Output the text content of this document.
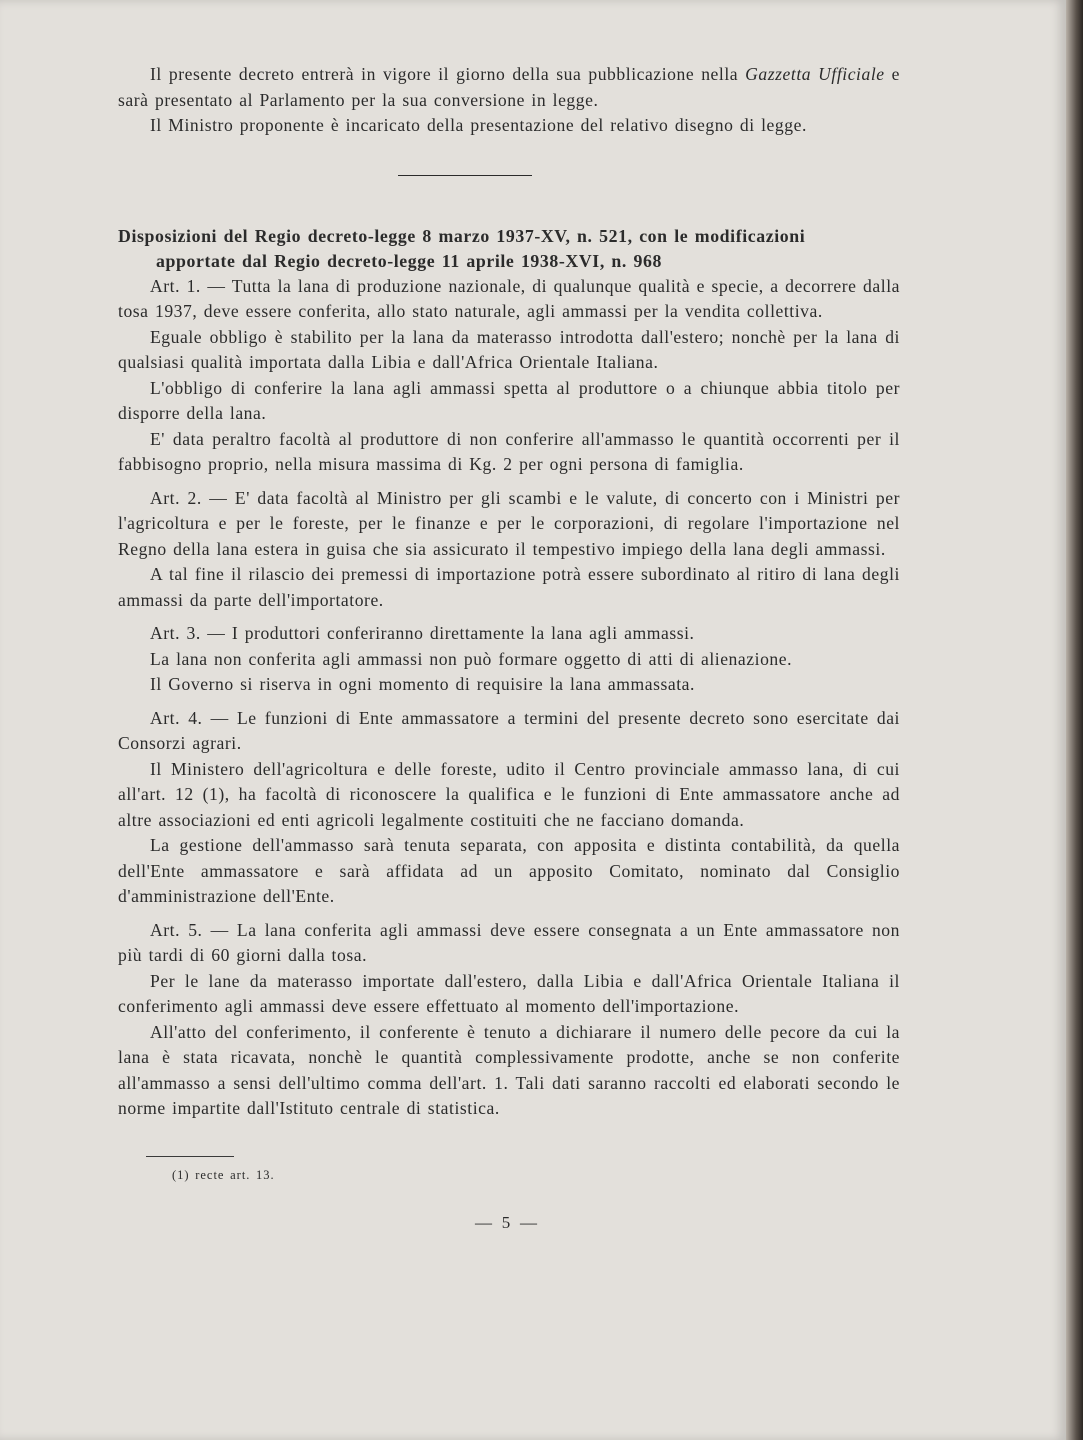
Il presente decreto entrerà in vigore il giorno della sua pubblicazione nella Gazzetta Ufficiale e sarà presentato al Parlamento per la sua conversione in legge.

Il Ministro proponente è incaricato della presentazione del relativo disegno di legge.

Disposizioni del Regio decreto-legge 8 marzo 1937-XV, n. 521, con le modificazioni
apportate dal Regio decreto-legge 11 aprile 1938-XVI, n. 968

Art. 1. — Tutta la lana di produzione nazionale, di qualunque qualità e specie, a decorrere dalla tosa 1937, deve essere conferita, allo stato naturale, agli ammassi per la vendita collettiva.

Eguale obbligo è stabilito per la lana da materasso introdotta dall'estero; nonchè per la lana di qualsiasi qualità importata dalla Libia e dall'Africa Orientale Italiana.

L'obbligo di conferire la lana agli ammassi spetta al produttore o a chiunque abbia titolo per disporre della lana.

E' data peraltro facoltà al produttore di non conferire all'ammasso le quantità occorrenti per il fabbisogno proprio, nella misura massima di Kg. 2 per ogni persona di famiglia.

Art. 2. — E' data facoltà al Ministro per gli scambi e le valute, di concerto con i Ministri per l'agricoltura e per le foreste, per le finanze e per le corporazioni, di regolare l'importazione nel Regno della lana estera in guisa che sia assicurato il tempestivo impiego della lana degli ammassi.

A tal fine il rilascio dei premessi di importazione potrà essere subordinato al ritiro di lana degli ammassi da parte dell'importatore.

Art. 3. — I produttori conferiranno direttamente la lana agli ammassi.

La lana non conferita agli ammassi non può formare oggetto di atti di alienazione.

Il Governo si riserva in ogni momento di requisire la lana ammassata.

Art. 4. — Le funzioni di Ente ammassatore a termini del presente decreto sono esercitate dai Consorzi agrari.

Il Ministero dell'agricoltura e delle foreste, udito il Centro provinciale ammasso lana, di cui all'art. 12 (1), ha facoltà di riconoscere la qualifica e le funzioni di Ente ammassatore anche ad altre associazioni ed enti agricoli legalmente costituiti che ne facciano domanda.

La gestione dell'ammasso sarà tenuta separata, con apposita e distinta contabilità, da quella dell'Ente ammassatore e sarà affidata ad un apposito Comitato, nominato dal Consiglio d'amministrazione dell'Ente.

Art. 5. — La lana conferita agli ammassi deve essere consegnata a un Ente ammassatore non più tardi di 60 giorni dalla tosa.

Per le lane da materasso importate dall'estero, dalla Libia e dall'Africa Orientale Italiana il conferimento agli ammassi deve essere effettuato al momento dell'importazione.

All'atto del conferimento, il conferente è tenuto a dichiarare il numero delle pecore da cui la lana è stata ricavata, nonchè le quantità complessivamente prodotte, anche se non conferite all'ammasso a sensi dell'ultimo comma dell'art. 1. Tali dati saranno raccolti ed elaborati secondo le norme impartite dall'Istituto centrale di statistica.

(1) recte art. 13.
— 5 —
